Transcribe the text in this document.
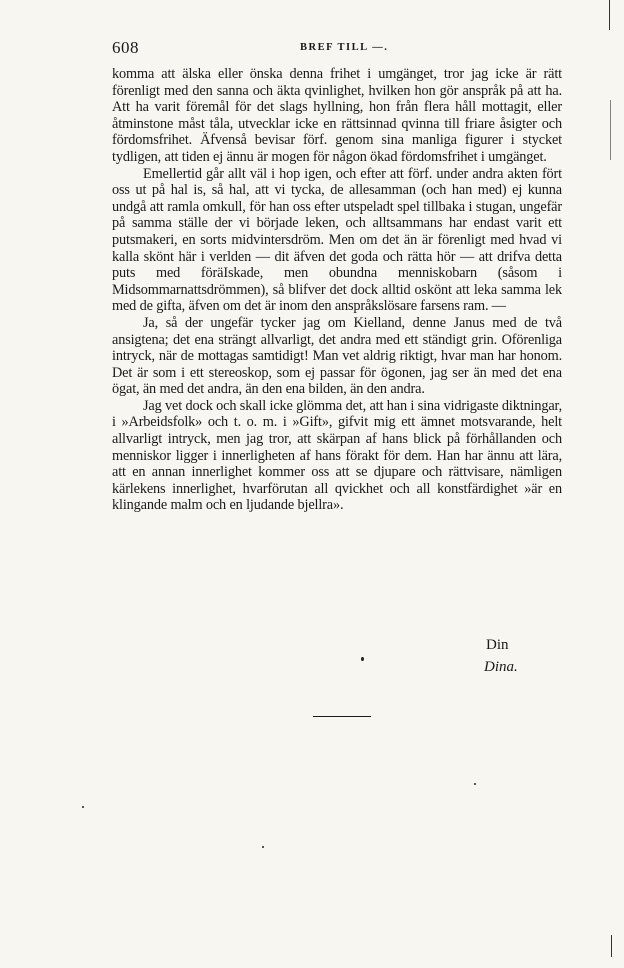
608	BREF TILL —.

komma att älska eller önska denna frihet i umgänget, tror jag icke är rätt förenligt med den sanna och äkta qvinlighet, hvilken hon gör anspråk på att ha. Att ha varit föremål för det slags hyllning, hon från flera håll mottagit, eller åtminstone måst tåla, utvecklar icke en rättsinnad qvinna till friare åsigter och fördomsfrihet. Äfvenså bevisar förf. genom sina manliga figurer i stycket tydligen, att tiden ej ännu är mogen för någon ökad fördomsfrihet i umgänget.

Emellertid går allt väl i hop igen, och efter att förf. under andra akten fört oss ut på hal is, så hal, att vi tycka, de allesamman (och han med) ej kunna undgå att ramla omkull, för han oss efter utspeladt spel tillbaka i stugan, ungefär på samma ställe der vi började leken, och alltsammans har endast varit ett putsmakeri, en sorts midvintersdröm. Men om det än är förenligt med hvad vi kalla skönt här i verlden — dit äfven det goda och rätta hör — att drifva detta puts med föräIskade, men obundna menniskobarn (såsom i Midsommarnattsdrömmen), så blifver det dock alltid oskönt att leka samma lek med de gifta, äfven om det är inom den anspråkslösare farsens ram. —

Ja, så der ungefär tycker jag om Kielland, denne Janus med de två ansigtena; det ena strängt allvarligt, det andra med ett ständigt grin. Oförenliga intryck, när de mottagas samtidigt! Man vet aldrig riktigt, hvar man har honom. Det är som i ett stereoskop, som ej passar för ögonen, jag ser än med det ena ögat, än med det andra, än den ena bilden, än den andra.

Jag vet dock och skall icke glömma det, att han i sina vidrigaste diktningar, i »Arbeidsfolk» och t. o. m. i »Gift», gifvit mig ett ämnet motsvarande, helt allvarligt intryck, men jag tror, att skärpan af hans blick på förhållanden och menniskor ligger i innerligheten af hans förakt för dem. Han har ännu att lära, att en annan innerlighet kommer oss att se djupare och rättvisare, nämligen kärlekens innerlighet, hvarförutan all qvickhet och all konstfärdighet »är en klingande malm och en ljudande bjellra».

Din
Dina.
